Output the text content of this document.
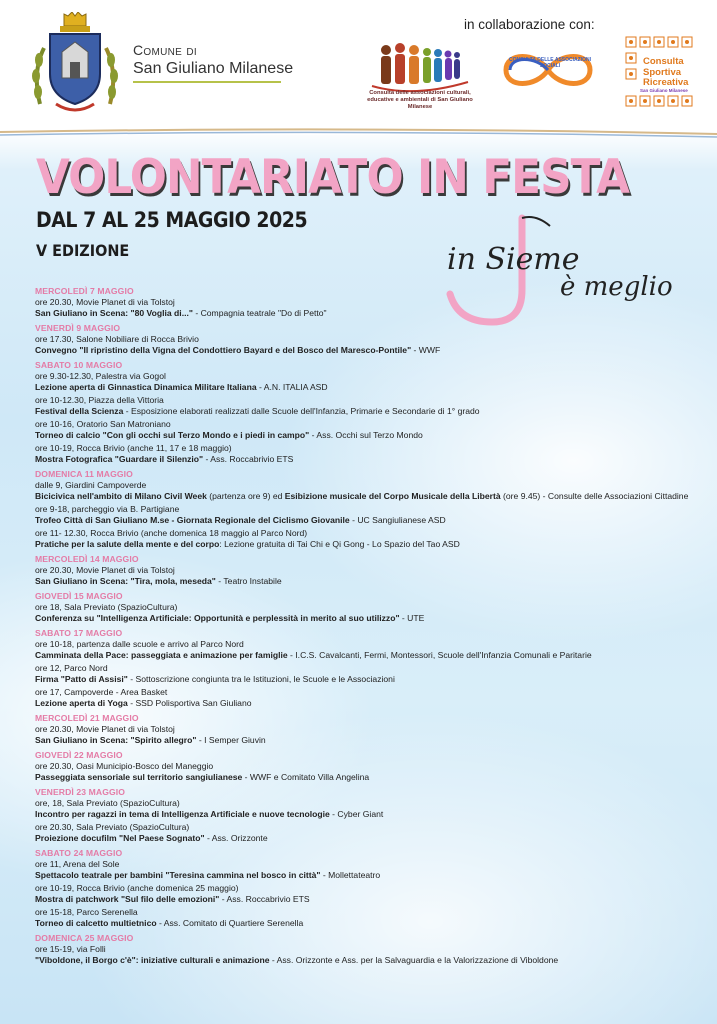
Comune di
San Giuliano Milanese
in collaborazione con:
Consulta delle associazioni culturali, educative e ambientali di San Giuliano Milanese
CONSULTA DELLE ASSOCIAZIONI SOCIALI	Consulta
Sportiva
Ricreativa
San Giuliano Milanese
VOLONTARIATO IN FESTA
DAL 7 AL 25 MAGGIO 2025
V EDIZIONE	in Sieme
è meglio
MERCOLEDÌ 7 MAGGIO
ore 20.30, Movie Planet di via Tolstoj
San Giuliano in Scena: "80 Voglia di..." - Compagnia teatrale "Do di Petto"
VENERDÌ 9 MAGGIO
ore 17.30, Salone Nobiliare di Rocca Brivio
Convegno "Il ripristino della Vigna del Condottiero Bayard e del Bosco del Maresco-Pontile" - WWF
SABATO 10 MAGGIO
ore 9.30-12.30, Palestra via Gogol
Lezione aperta di Ginnastica Dinamica Militare Italiana - A.N. ITALIA ASD
ore 10-12.30, Piazza della Vittoria
Festival della Scienza - Esposizione elaborati realizzati dalle Scuole dell'Infanzia, Primarie e Secondarie di 1° grado
ore 10-16, Oratorio San Matroniano
Torneo di calcio "Con gli occhi sul Terzo Mondo e i piedi in campo" - Ass. Occhi sul Terzo Mondo
ore 10-19, Rocca Brivio (anche 11, 17 e 18 maggio)
Mostra Fotografica "Guardare il Silenzio" - Ass. Roccabrivio ETS
DOMENICA 11 MAGGIO
dalle 9, Giardini Campoverde
Bicicivica nell'ambito di Milano Civil Week (partenza ore 9) ed Esibizione musicale del Corpo Musicale della Libertà (ore 9.45) - Consulte delle Associazioni Cittadine
ore 9-18, parcheggio via B. Partigiane
Trofeo Città di San Giuliano M.se - Giornata Regionale del Ciclismo Giovanile - UC Sangiulianese ASD
ore 11- 12.30, Rocca Brivio (anche domenica 18 maggio al Parco Nord)
Pratiche per la salute della mente e del corpo: Lezione gratuita di Tai Chi e Qi Gong - Lo Spazio del Tao ASD
MERCOLEDÌ 14 MAGGIO
ore 20.30, Movie Planet di via Tolstoj
San Giuliano in Scena: "Tira, mola, meseda" - Teatro Instabile
GIOVEDÌ 15 MAGGIO
ore 18, Sala Previato (SpazioCultura)
Conferenza su "Intelligenza Artificiale: Opportunità e perplessità in merito al suo utilizzo" - UTE
SABATO 17 MAGGIO
ore 10-18, partenza dalle scuole e arrivo al Parco Nord
Camminata della Pace: passeggiata e animazione per famiglie - I.C.S. Cavalcanti, Fermi, Montessori, Scuole dell'Infanzia Comunali e Paritarie
ore 12, Parco Nord
Firma "Patto di Assisi" - Sottoscrizione congiunta tra le Istituzioni, le Scuole e le Associazioni
ore 17, Campoverde - Area Basket
Lezione aperta di Yoga - SSD Polisportiva San Giuliano
MERCOLEDÌ 21 MAGGIO
ore 20.30, Movie Planet di via Tolstoj
San Giuliano in Scena: "Spirito allegro" - I Semper Giuvin
GIOVEDÌ 22 MAGGIO
ore 20.30, Oasi Municipio-Bosco del Maneggio
Passeggiata sensoriale sul territorio sangiulianese - WWF e Comitato Villa Angelina
VENERDÌ 23 MAGGIO
ore, 18, Sala Previato (SpazioCultura)
Incontro per ragazzi in tema di Intelligenza Artificiale e nuove tecnologie - Cyber Giant
ore 20.30, Sala Previato (SpazioCultura)
Proiezione docufilm "Nel Paese Sognato" - Ass. Orizzonte
SABATO 24 MAGGIO
ore 11, Arena del Sole
Spettacolo teatrale per bambini "Teresina cammina nel bosco in città" - Mollettateatro
ore 10-19, Rocca Brivio (anche domenica 25 maggio)
Mostra di patchwork "Sul filo delle emozioni" - Ass. Roccabrivio ETS
ore 15-18, Parco Serenella
Torneo di calcetto multietnico - Ass. Comitato di Quartiere Serenella
DOMENICA 25 MAGGIO
ore 15-19, via Folli
"Viboldone, il Borgo c'è": iniziative culturali e animazione - Ass. Orizzonte e Ass. per la Salvaguardia e la Valorizzazione di Viboldone
